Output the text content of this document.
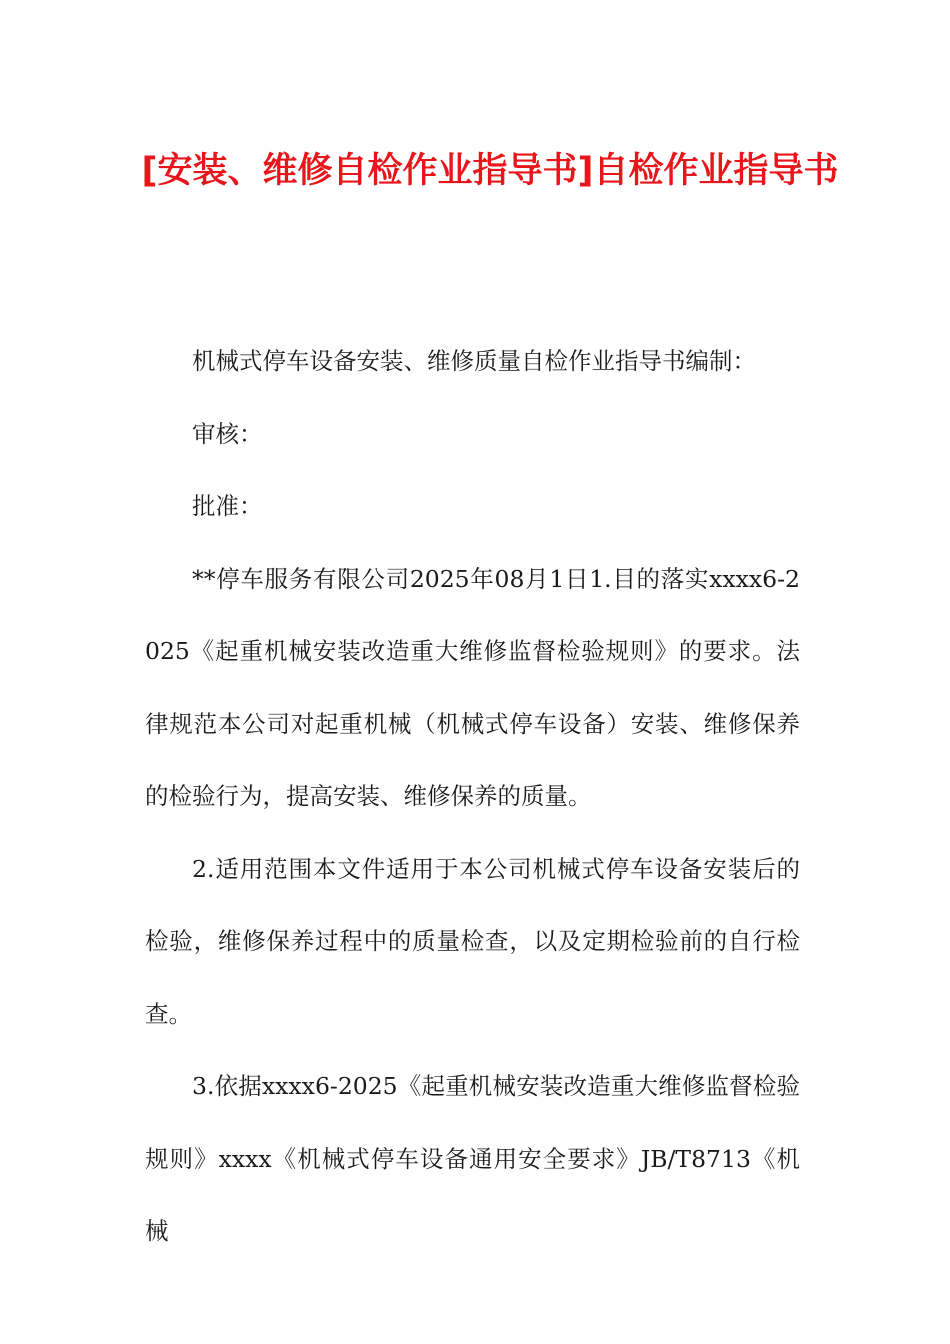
[安装、维修自检作业指导书]自检作业指导书

机械式停车设备安装、维修质量自检作业指导书编制：

审核：

批准：

**停车服务有限公司2025年08月1日1.目的落实xxxx6-2025《起重机械安装改造重大维修监督检验规则》的要求。法律规范本公司对起重机械（机械式停车设备）安装、维修保养的检验行为，提高安装、维修保养的质量。

2.适用范围本文件适用于本公司机械式停车设备安装后的检验，维修保养过程中的质量检查，以及定期检验前的自行检查。

3.依据xxxx6-2025《起重机械安装改造重大维修监督检验规则》xxxx《机械式停车设备通用安全要求》JB/T8713《机械
